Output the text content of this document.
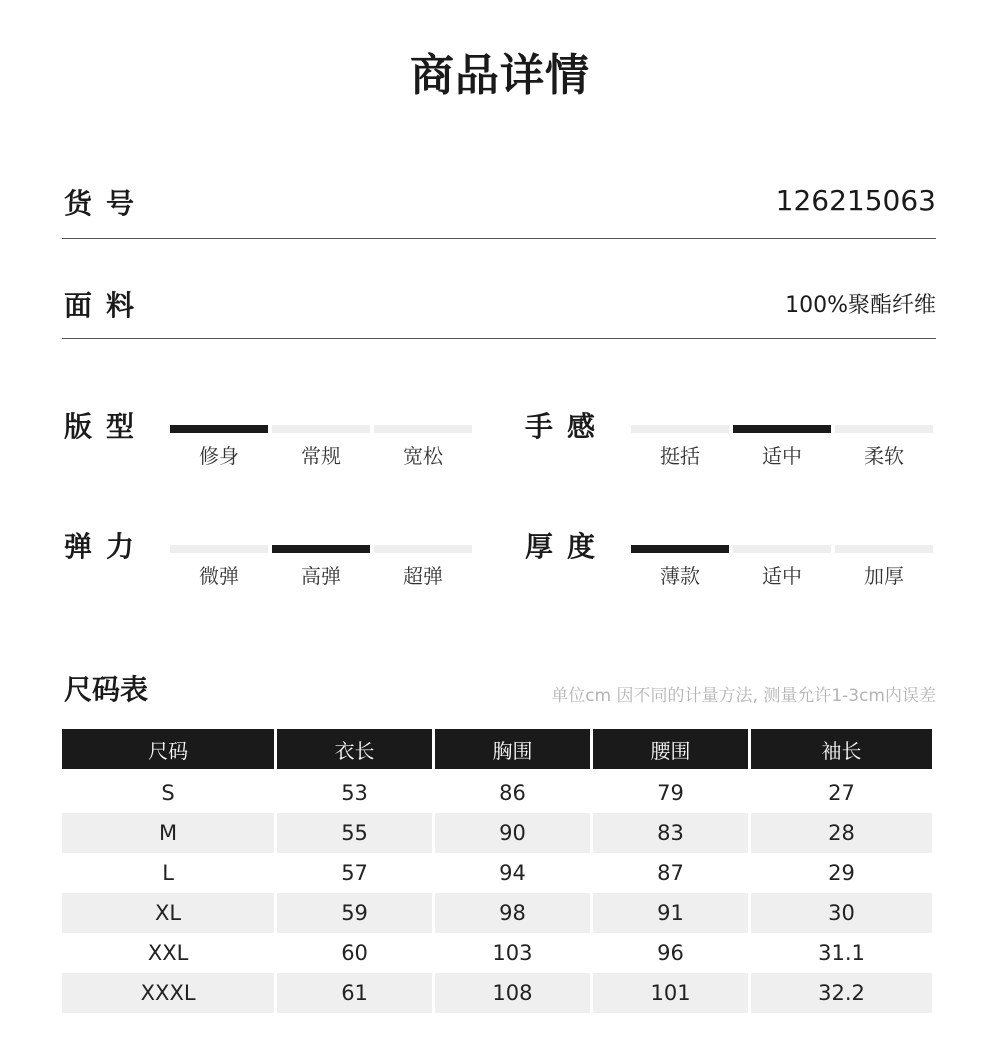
商品详情
货号	126215063
面料	100%聚酯纤维
版型
修身	常规	宽松
手感
挺括	适中	柔软
弹力
微弹	高弹	超弹
厚度
薄款	适中	加厚
尺码表	单位cm 因不同的计量方法, 测量允许1-3cm内误差
尺码	衣长	胸围	腰围	袖长
S	53	86	79	27
M	55	90	83	28
L	57	94	87	29
XL	59	98	91	30
XXL	60	103	96	31.1
XXXL	61	108	101	32.2
